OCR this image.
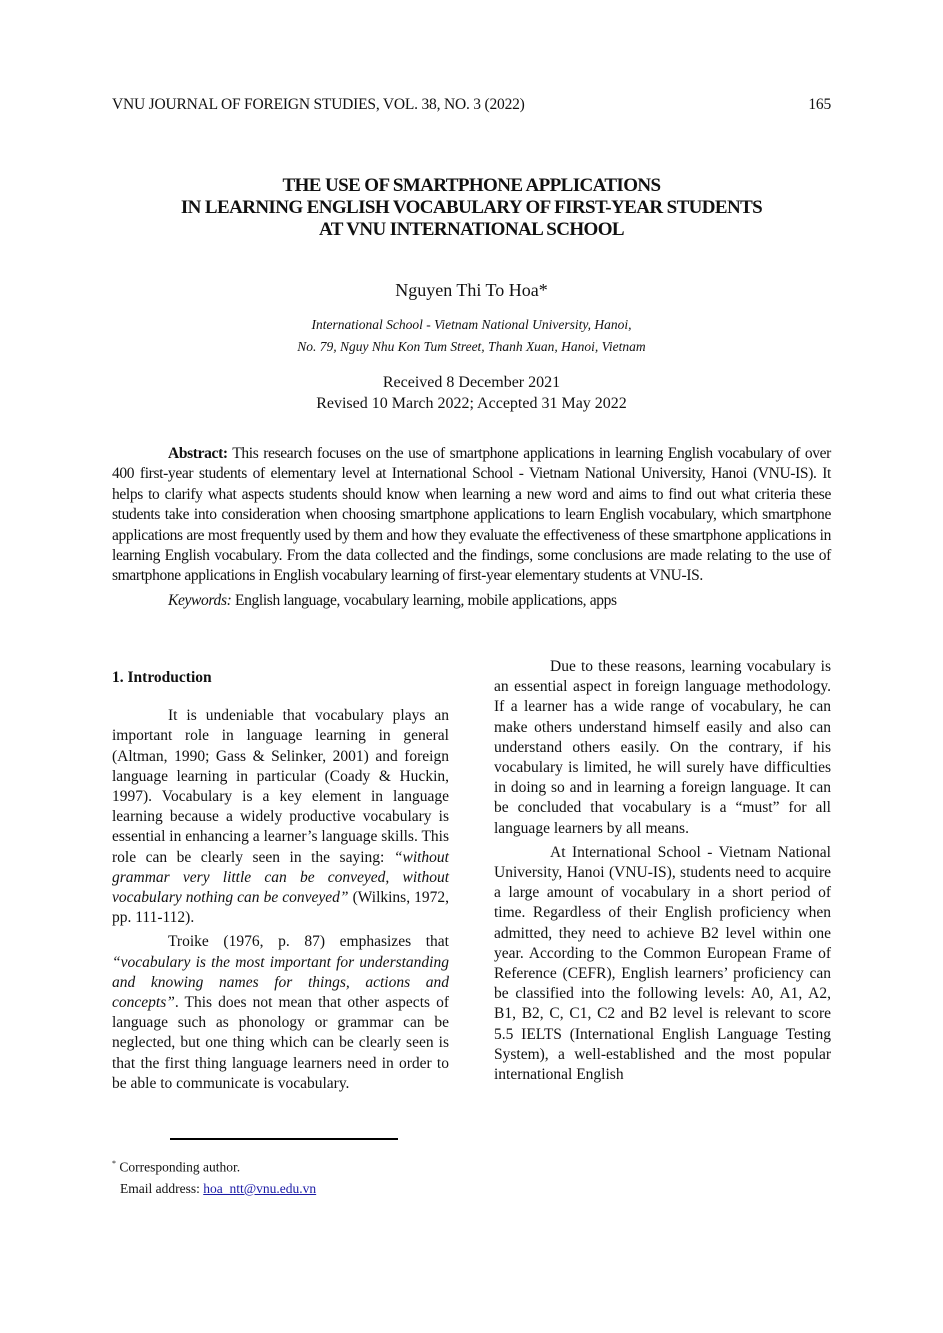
VNU JOURNAL OF FOREIGN STUDIES, VOL. 38, NO. 3 (2022)	165
THE USE OF SMARTPHONE APPLICATIONS
IN LEARNING ENGLISH VOCABULARY OF FIRST-YEAR STUDENTS
AT VNU INTERNATIONAL SCHOOL
Nguyen Thi To Hoa*
International School - Vietnam National University, Hanoi,
No. 79, Nguy Nhu Kon Tum Street, Thanh Xuan, Hanoi, Vietnam
Received 8 December 2021
Revised 10 March 2022; Accepted 31 May 2022

Abstract: This research focuses on the use of smartphone applications in learning English vocabulary of over 400 first-year students of elementary level at International School - Vietnam National University, Hanoi (VNU-IS). It helps to clarify what aspects students should know when learning a new word and aims to find out what criteria these students take into consideration when choosing smartphone applications to learn English vocabulary, which smartphone applications are most frequently used by them and how they evaluate the effectiveness of these smartphone applications in learning English vocabulary. From the data collected and the findings, some conclusions are made relating to the use of smartphone applications in English vocabulary learning of first-year elementary students at VNU-IS.

Keywords: English language, vocabulary learning, mobile applications, apps

1. Introduction

It is undeniable that vocabulary plays an important role in language learning in general (Altman, 1990; Gass & Selinker, 2001) and foreign language learning in particular (Coady & Huckin, 1997). Vocabulary is a key element in language learning because a widely productive vocabulary is essential in enhancing a learner’s language skills. This role can be clearly seen in the saying: “without grammar very little can be conveyed, without vocabulary nothing can be conveyed” (Wilkins, 1972, pp. 111-112).

Troike (1976, p. 87) emphasizes that “vocabulary is the most important for understanding and knowing names for things, actions and concepts”. This does not mean that other aspects of language such as phonology or grammar can be neglected, but one thing which can be clearly seen is that the first thing language learners need in order to be able to communicate is vocabulary.

Due to these reasons, learning vocabulary is an essential aspect in foreign language methodology. If a learner has a wide range of vocabulary, he can make others understand himself easily and also can understand others easily. On the contrary, if his vocabulary is limited, he will surely have difficulties in doing so and in learning a foreign language. It can be concluded that vocabulary is a “must” for all language learners by all means.

At International School - Vietnam National University, Hanoi (VNU-IS), students need to acquire a large amount of vocabulary in a short period of time. Regardless of their English proficiency when admitted, they need to achieve B2 level within one year. According to the Common European Frame of Reference (CEFR), English learners’ proficiency can be classified into the following levels: A0, A1, A2, B1, B2, C, C1, C2 and B2 level is relevant to score 5.5 IELTS (International English Language Testing System), a well-established and the most popular international English

* Corresponding author.
Email address: hoa_ntt@vnu.edu.vn
